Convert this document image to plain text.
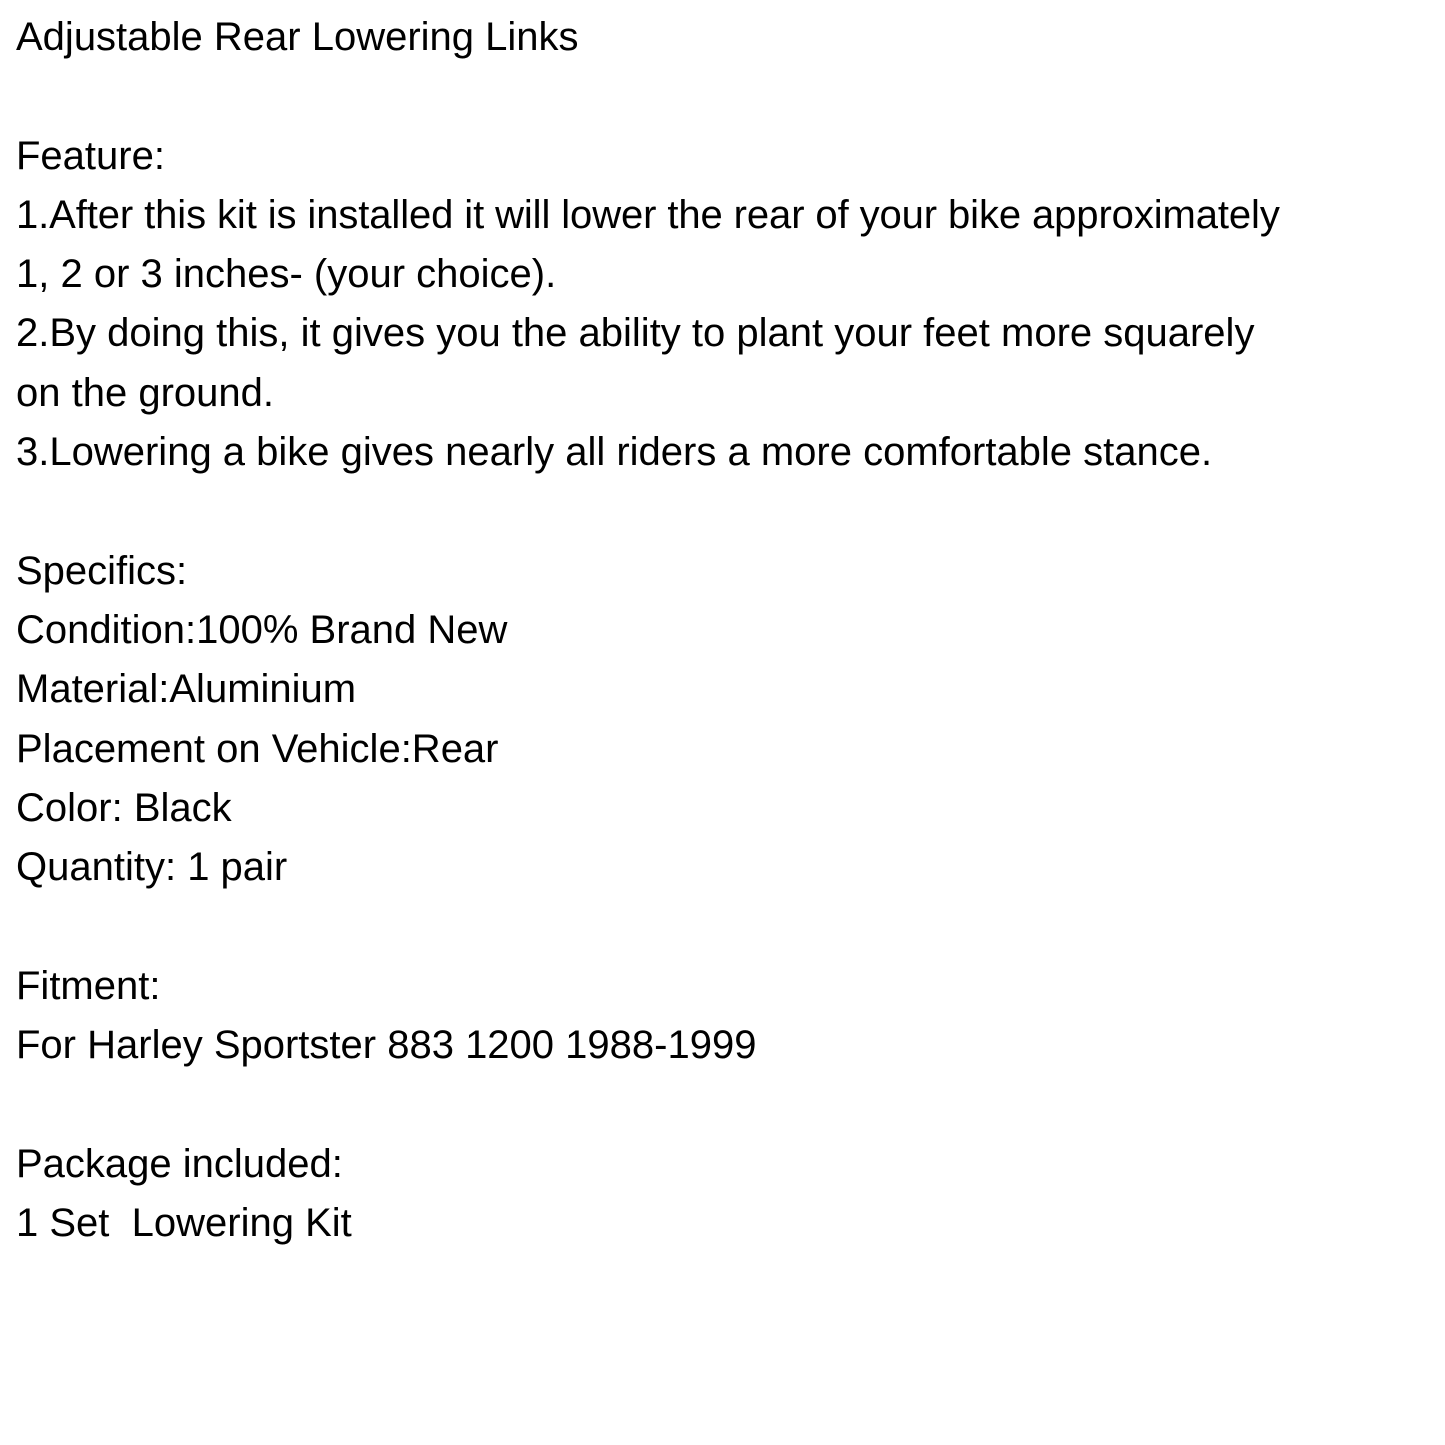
Adjustable Rear Lowering Links
Feature:
1.After this kit is installed it will lower the rear of your bike approximately
1, 2 or 3 inches- (your choice).
2.By doing this, it gives you the ability to plant your feet more squarely
on the ground.
3.Lowering a bike gives nearly all riders a more comfortable stance.
Specifics:
Condition:100% Brand New
Material:Aluminium
Placement on Vehicle:Rear
Color: Black
Quantity: 1 pair
Fitment:
For Harley Sportster 883 1200 1988-1999
Package included:
1 Set  Lowering Kit
